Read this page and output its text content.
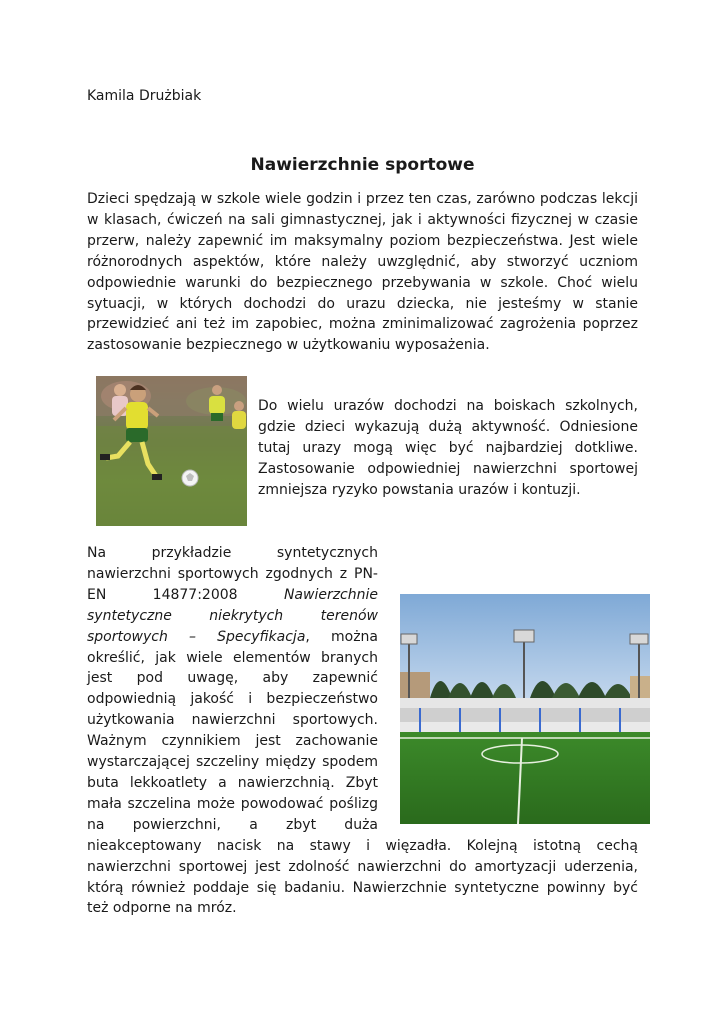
Kamila Drużbiak
Nawierzchnie sportowe

Dzieci spędzają w szkole wiele godzin i przez ten czas, zarówno podczas lekcji w klasach, ćwiczeń na sali gimnastycznej, jak i aktywności fizycznej w czasie przerw, należy zapewnić im maksymalny poziom bezpieczeństwa. Jest wiele różnorodnych aspektów, które należy uwzględnić, aby stworzyć uczniom odpowiednie warunki do bezpiecznego przebywania w szkole. Choć wielu sytuacji, w których dochodzi do urazu dziecka, nie jesteśmy w stanie przewidzieć ani też im zapobiec, można zminimalizować zagrożenia poprzez zastosowanie bezpiecznego w użytkowaniu wyposażenia.

Do wielu urazów dochodzi na boiskach szkolnych, gdzie dzieci wykazują dużą aktywność. Odniesione tutaj urazy mogą więc być najbardziej dotkliwe. Zastosowanie odpowiedniej nawierzchni sportowej zmniejsza ryzyko powstania urazów i kontuzji.

Na przykładzie syntetycznych nawierzchni sportowych zgodnych z PN-EN 14877:2008 Nawierzchnie syntetyczne niekrytych terenów sportowych – Specyfikacja, można określić, jak wiele elementów branych jest pod uwagę, aby zapewnić odpowiednią jakość i bezpieczeństwo użytkowania nawierzchni sportowych. Ważnym czynnikiem jest zachowanie wystarczającej szczeliny między spodem buta lekkoatlety a nawierzchnią. Zbyt mała szczelina może powodować poślizg na powierzchni, a zbyt duża nieakceptowany nacisk na stawy i więzadła. Kolejną istotną cechą nawierzchni sportowej jest zdolność nawierzchni do amortyzacji uderzenia, którą również poddaje się badaniu. Nawierzchnie syntetyczne powinny być też odporne na mróz.
